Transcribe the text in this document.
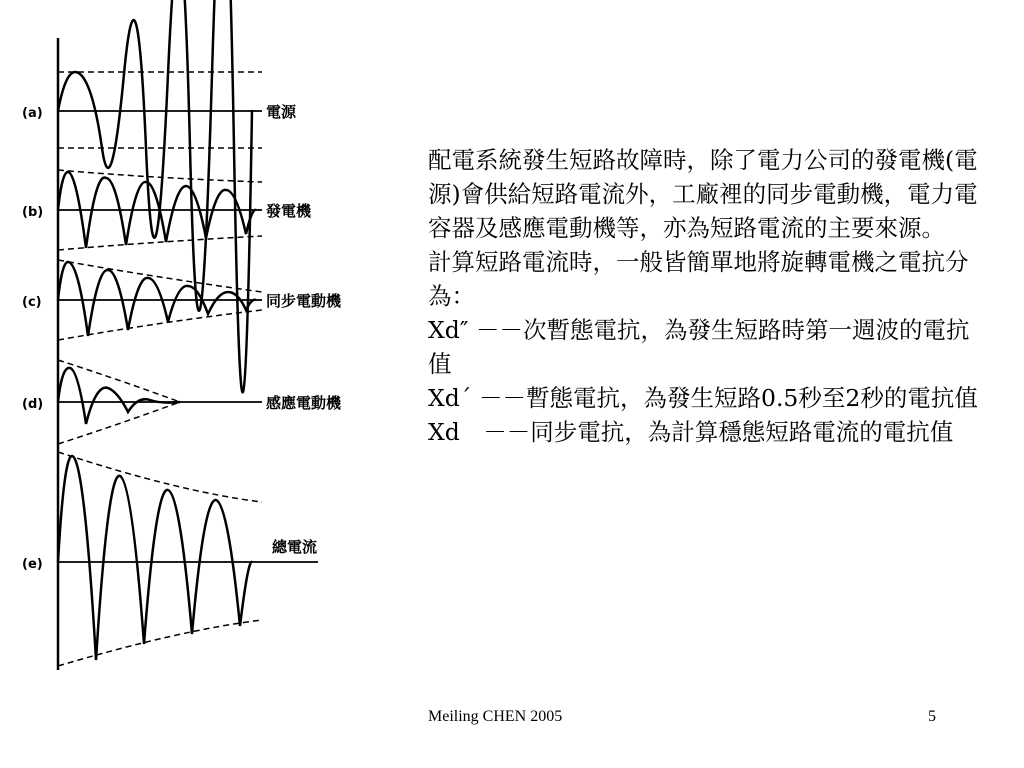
(a)	電源
(b)	發電機
(c)	同步電動機
(d)	感應電動機
(e)
總電流

配電系統發生短路故障時，除了電力公司的發電機(電源)會供給短路電流外，工廠裡的同步電動機，電力電容器及感應電動機等，亦為短路電流的主要來源。

計算短路電流時，一般皆簡單地將旋轉電機之電抗分為：

Xd″ －－次暫態電抗，為發生短路時第一週波的電抗值

Xd´ －－暫態電抗，為發生短路0.5秒至2秒的電抗值

Xd　－－同步電抗，為計算穩態短路電流的電抗值

Meiling CHEN 2005	5
